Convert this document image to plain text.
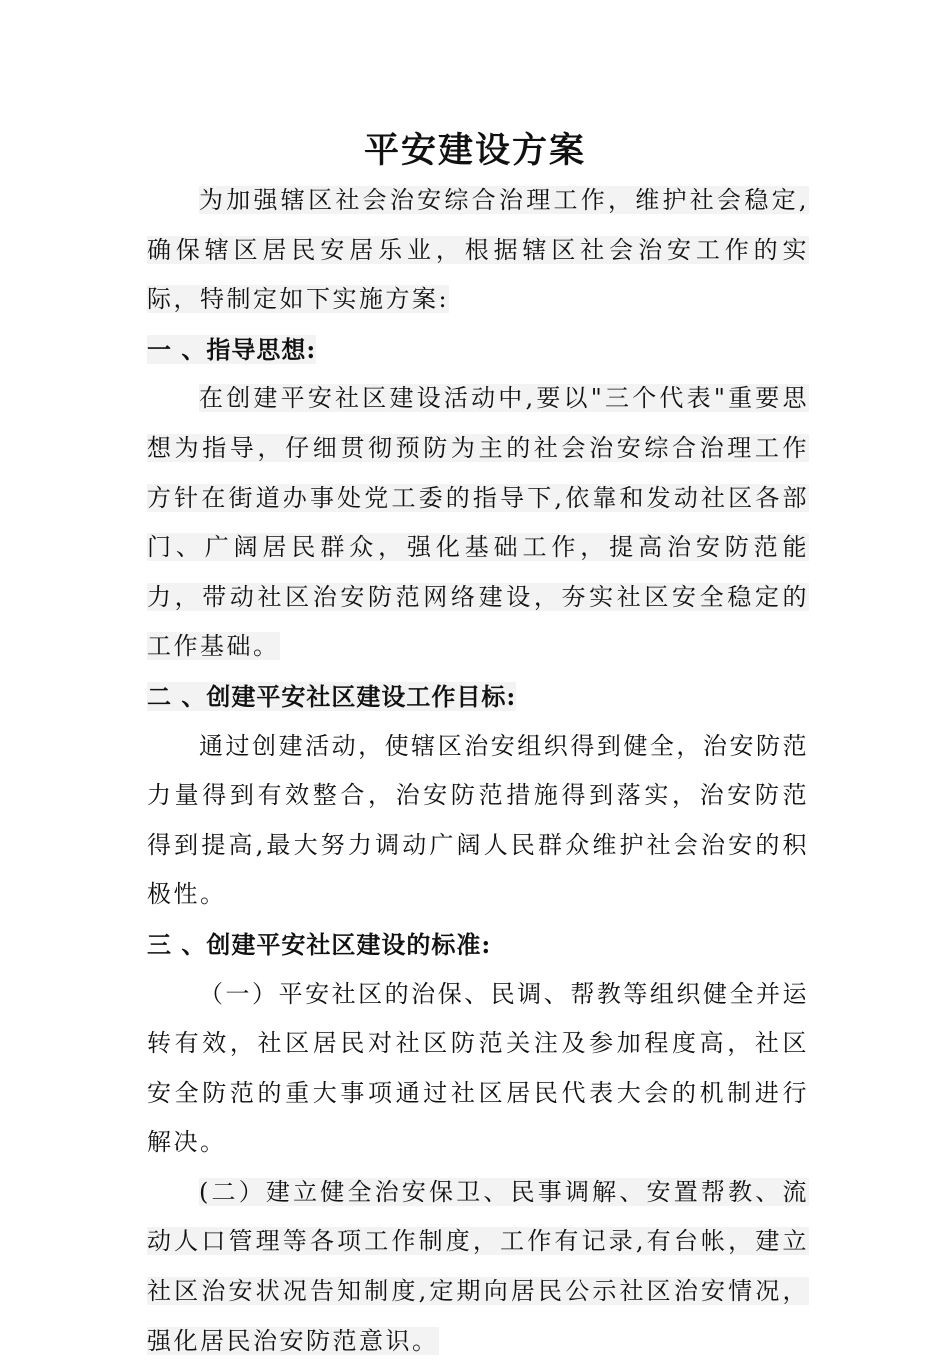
平安建设方案

为加强辖区社会治安综合治理工作，维护社会稳定,确保辖区居民安居乐业，根据辖区社会治安工作的实际，特制定如下实施方案:

一 、指导思想:

在创建平安社区建设活动中,要以"三个代表"重要思想为指导，仔细贯彻预防为主的社会治安综合治理工作方针在街道办事处党工委的指导下,依靠和发动社区各部门、广阔居民群众，强化基础工作，提高治安防范能力，带动社区治安防范网络建设，夯实社区安全稳定的工作基础。

二 、创建平安社区建设工作目标:

通过创建活动，使辖区治安组织得到健全，治安防范力量得到有效整合，治安防范措施得到落实，治安防范得到提高,最大努力调动广阔人民群众维护社会治安的积极性。

三 、创建平安社区建设的标准:

（一）平安社区的治保、民调、帮教等组织健全并运转有效，社区居民对社区防范关注及参加程度高，社区安全防范的重大事项通过社区居民代表大会的机制进行解决。

(二）建立健全治安保卫、民事调解、安置帮教、流动人口管理等各项工作制度，工作有记录,有台帐，建立社区治安状况告知制度,定期向居民公示社区治安情况，强化居民治安防范意识。
